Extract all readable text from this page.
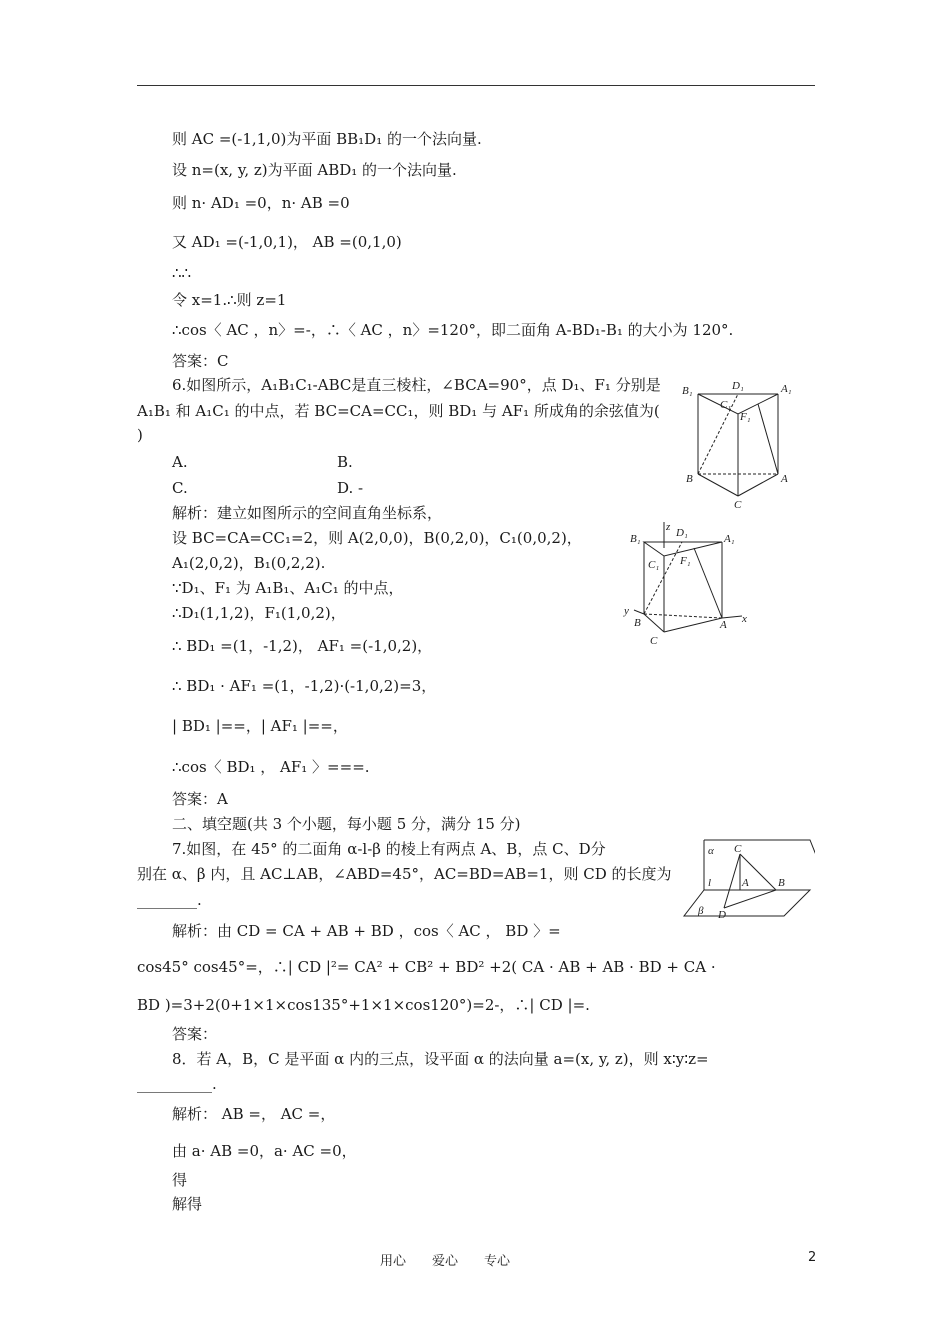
则 AC =(-1,1,0)为平面 BB₁D₁ 的一个法向量.
设 n=(x, y, z)为平面 ABD₁ 的一个法向量.
则 n· AD₁ =0，n· AB =0
又 AD₁ =(-1,0,1)， AB =(0,1,0)
∴∴
令 x=1.∴则 z=1
∴cos〈 AC ，n〉=-，∴〈 AC ，n〉=120°，即二面角 A-BD₁-B₁ 的大小为 120°.
答案：C
6.如图所示，A₁B₁C₁-ABC是直三棱柱，∠BCA=90°，点 D₁、F₁ 分别是
A₁B₁ 和 A₁C₁ 的中点，若 BC=CA=CC₁，则 BD₁ 与 AF₁ 所成角的余弦值为(
)
A.	B.
C.	D. -
解析：建立如图所示的空间直角坐标系，
设 BC=CA=CC₁=2，则 A(2,0,0)，B(0,2,0)，C₁(0,0,2)，
A₁(2,0,2)，B₁(0,2,2).
∵D₁、F₁ 为 A₁B₁、A₁C₁ 的中点，
∴D₁(1,1,2)，F₁(1,0,2)，
∴ BD₁ =(1，-1,2)， AF₁ =(-1,0,2)，
∴ BD₁ · AF₁ =(1，-1,2)·(-1,0,2)=3，
| BD₁ |==，| AF₁ |==，
∴cos〈 BD₁ ， AF₁ 〉===.
答案：A
二、填空题(共 3 个小题，每小题 5 分，满分 15 分)
7.如图，在 45° 的二面角 α-l-β 的棱上有两点 A、B，点 C、D分
别在 α、β 内，且 AC⊥AB，∠ABD=45°，AC=BD=AB=1，则 CD 的长度为
________.
解析：由 CD = CA + AB + BD ，cos〈 AC ， BD 〉=
cos45° cos45°=，∴| CD |²= CA² + CB² + BD² +2( CA · AB + AB · BD + CA ·
BD )=3+2(0+1×1×cos135°+1×1×cos120°)=2-，∴| CD |=.
答案：
8．若 A，B，C 是平面 α 内的三点，设平面 α 的法向量 a=(x, y, z)，则 x∶y∶z=
__________.
解析： AB =， AC =，
由 a· AB =0，a· AC =0，
得
解得
B₁	D₁	A₁
C₁
F₁
B	A
C
z
B₁	D₁	A₁
C₁ F₁
y
B
C
A x
α C
l	A	B
β D
用心　　爱心　　专心	2
